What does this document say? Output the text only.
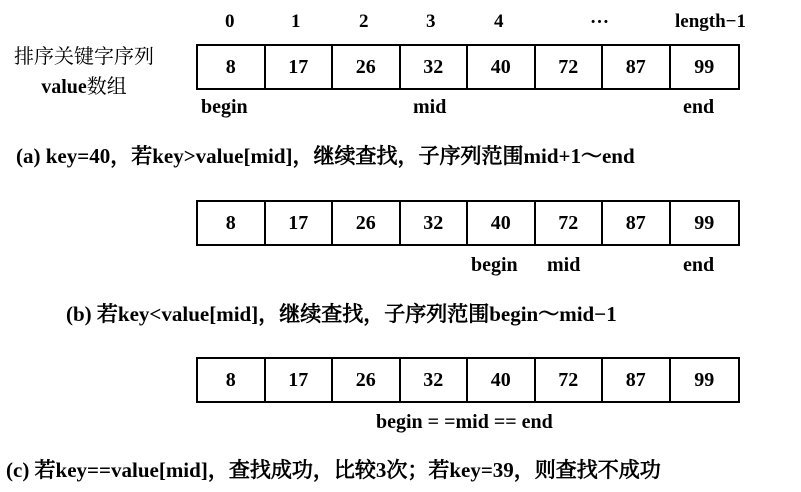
0	1	2	3	4	…	length−1
排序关键字序列
value数组
8	17	26	32	40	72	87	99
begin	mid	end
(a) key=40，若key>value[mid]，继续查找，子序列范围mid+1～end
8	17	26	32	40	72	87	99
begin mid	end
(b) 若key<value[mid]，继续查找，子序列范围begin～mid−1
8	17	26	32	40	72	87	99
begin = =mid == end
(c) 若key==value[mid]，查找成功，比较3次；若key=39，则查找不成功
